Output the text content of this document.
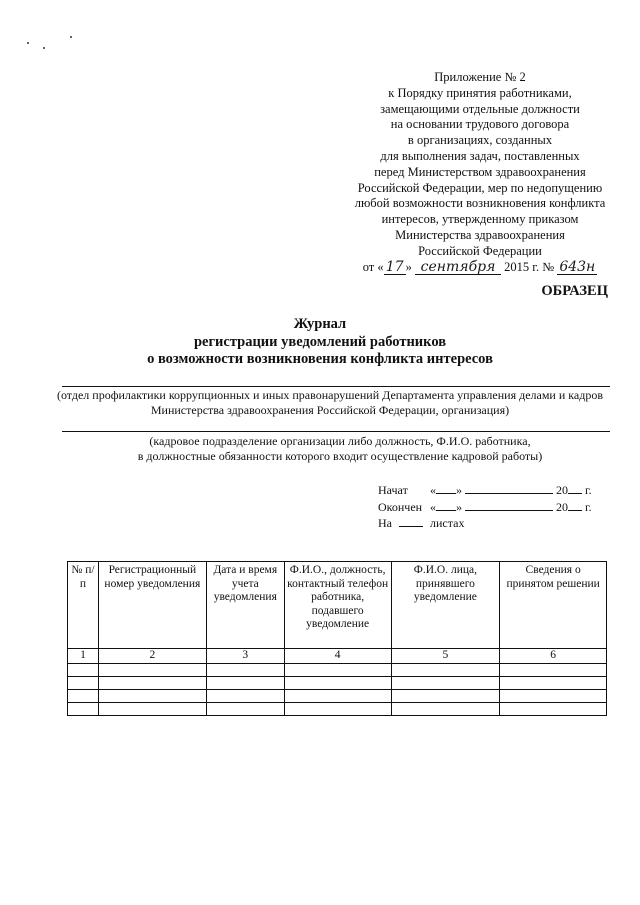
Приложение № 2
к Порядку принятия работниками,
замещающими отдельные должности
на основании трудового договора
в организациях, созданных
для выполнения задач, поставленных
перед Министерством здравоохранения
Российской Федерации, мер по недопущению
любой возможности возникновения конфликта
интересов, утвержденному приказом
Министерства здравоохранения
Российской Федерации
от « 17 » сентября 2015 г. № 643н
ОБРАЗЕЦ
Журнал
регистрации уведомлений работников
о возможности возникновения конфликта интересов
(отдел профилактики коррупционных и иных правонарушений Департамента управления делами и кадров
Министерства здравоохранения Российской Федерации, организация)
(кадровое подразделение организации либо должность, Ф.И.О. работника,
в должностные обязанности которого входит осуществление кадровой работы)
Начат « »	20 г.
Окончен « »	20 г.
На	листах
№ п/п	Регистрационный номер уведомления	Дата и время учета уведомления	Ф.И.О., должность, контактный телефон работника, подавшего уведомление	Ф.И.О. лица, принявшего уведомление	Сведения о принятом решении
1	2	3	4	5	6
